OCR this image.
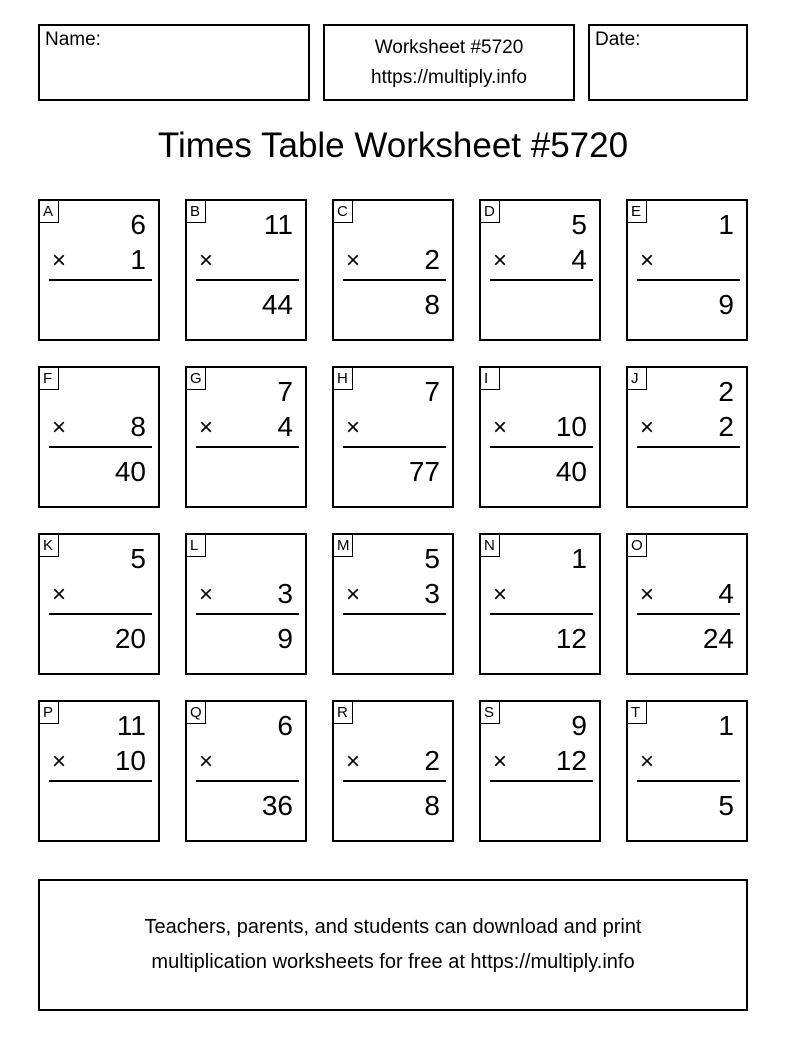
Name:	Worksheet #5720
https://multiply.info
Date:
Times Table Worksheet #5720
A	6
× 1
B 11
×
44
C
× 2
8
D	5
× 4
E	1
×
9
F
× 8
40
G	7
× 4
H	7
×
77
I
× 10
40
J	2
× 2
K	5
×
20
L
× 3
9
M	5
× 3
N	1
×
12
O
× 4
24
P 11
× 10
Q	6
×
36
R
× 2
8
S	9
× 12
T	1
×
5
Teachers, parents, and students can download and print
multiplication worksheets for free at https://multiply.info
